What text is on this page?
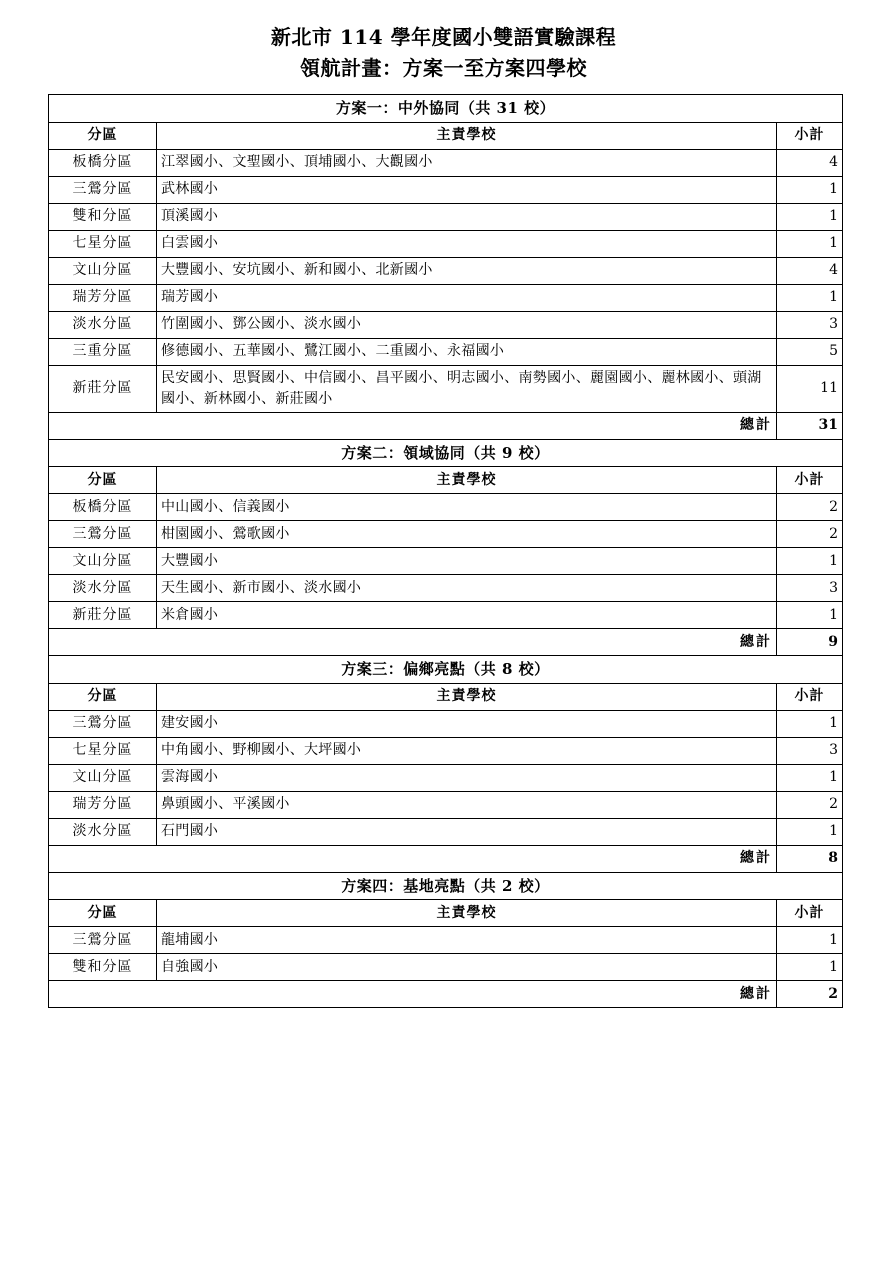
新北市 114 學年度國小雙語實驗課程
領航計畫：方案一至方案四學校
方案一：中外協同（共 31 校）		
分區	主責學校	小計
板橋分區	江翠國小、文聖國小、頂埔國小、大觀國小	4
三鶯分區	武林國小	1
雙和分區	頂溪國小	1
七星分區	白雲國小	1
文山分區	大豐國小、安坑國小、新和國小、北新國小	4
瑞芳分區	瑞芳國小	1
淡水分區	竹圍國小、鄧公國小、淡水國小	3
三重分區	修德國小、五華國小、鷺江國小、二重國小、永福國小	5
新莊分區	民安國小、思賢國小、中信國小、昌平國小、明志國小、南勢國小、麗園國小、麗林國小、頭湖國小、新林國小、新莊國小	11
總計		31
方案二：領域協同（共 9 校）		
分區	主責學校	小計
板橋分區	中山國小、信義國小	2
三鶯分區	柑園國小、鶯歌國小	2
文山分區	大豐國小	1
淡水分區	天生國小、新市國小、淡水國小	3
新莊分區	米倉國小	1
總計		9
方案三：偏鄉亮點（共 8 校）		
分區	主責學校	小計
三鶯分區	建安國小	1
七星分區	中角國小、野柳國小、大坪國小	3
文山分區	雲海國小	1
瑞芳分區	鼻頭國小、平溪國小	2
淡水分區	石門國小	1
總計		8
方案四：基地亮點（共 2 校）		
分區	主責學校	小計
三鶯分區	龍埔國小	1
雙和分區	自強國小	1
總計		2
